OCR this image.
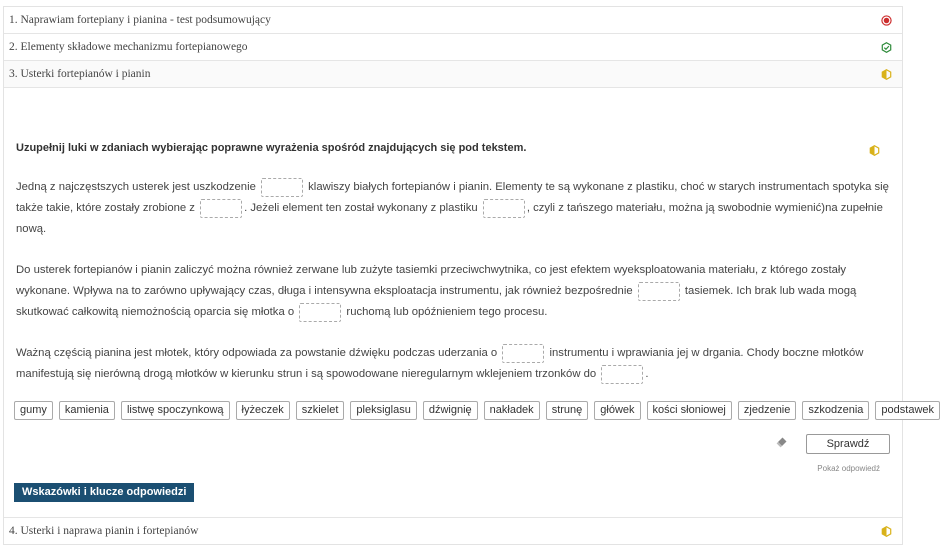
1. Naprawiam fortepiany i pianina - test podsumowujący
2. Elementy składowe mechanizmu fortepianowego
3. Usterki fortepianów i pianin
Uzupełnij luki w zdaniach wybierając poprawne wyrażenia spośród znajdujących się pod tekstem.

Jedną z najczęstszych usterek jest uszkodzenie	klawiszy białych fortepianów i pianin. Elementy te są wykonane z plastiku, choć w starych instrumentach spotyka się także takie, które zostały zrobione z	. Jeżeli element ten został wykonany z plastiku	, czyli z tańszego materiału, można ją swobodnie wymienić)na zupełnie nową.

Do usterek fortepianów i pianin zaliczyć można również zerwane lub zużyte tasiemki przeciwchwytnika, co jest efektem wyeksploatowania materiału, z którego zostały wykonane. Wpływa na to zarówno upływający czas, długa i intensywna eksploatacja instrumentu, jak również bezpośrednie	tasiemek. Ich brak lub wada mogą skutkować całkowitą niemożnością oparcia się młotka o	ruchomą lub opóźnieniem tego procesu.

Ważną częścią pianina jest młotek, który odpowiada za powstanie dźwięku podczas uderzania o	instrumentu i wprawiania jej w drgania. Chody boczne młotków manifestują się nierówną drogą młotków w kierunku strun i są spowodowane nieregularnym wklejeniem trzonków do	.

gumy	kamienia	listwę spoczynkową	łyżeczek	szkielet	pleksiglasu	dźwignię	nakładek	strunę	główek	kości słoniowej	zjedzenie	szkodzenia	podstawek
Sprawdź
Pokaż odpowiedź
Wskazówki i klucze odpowiedzi
4. Usterki i naprawa pianin i fortepianów
